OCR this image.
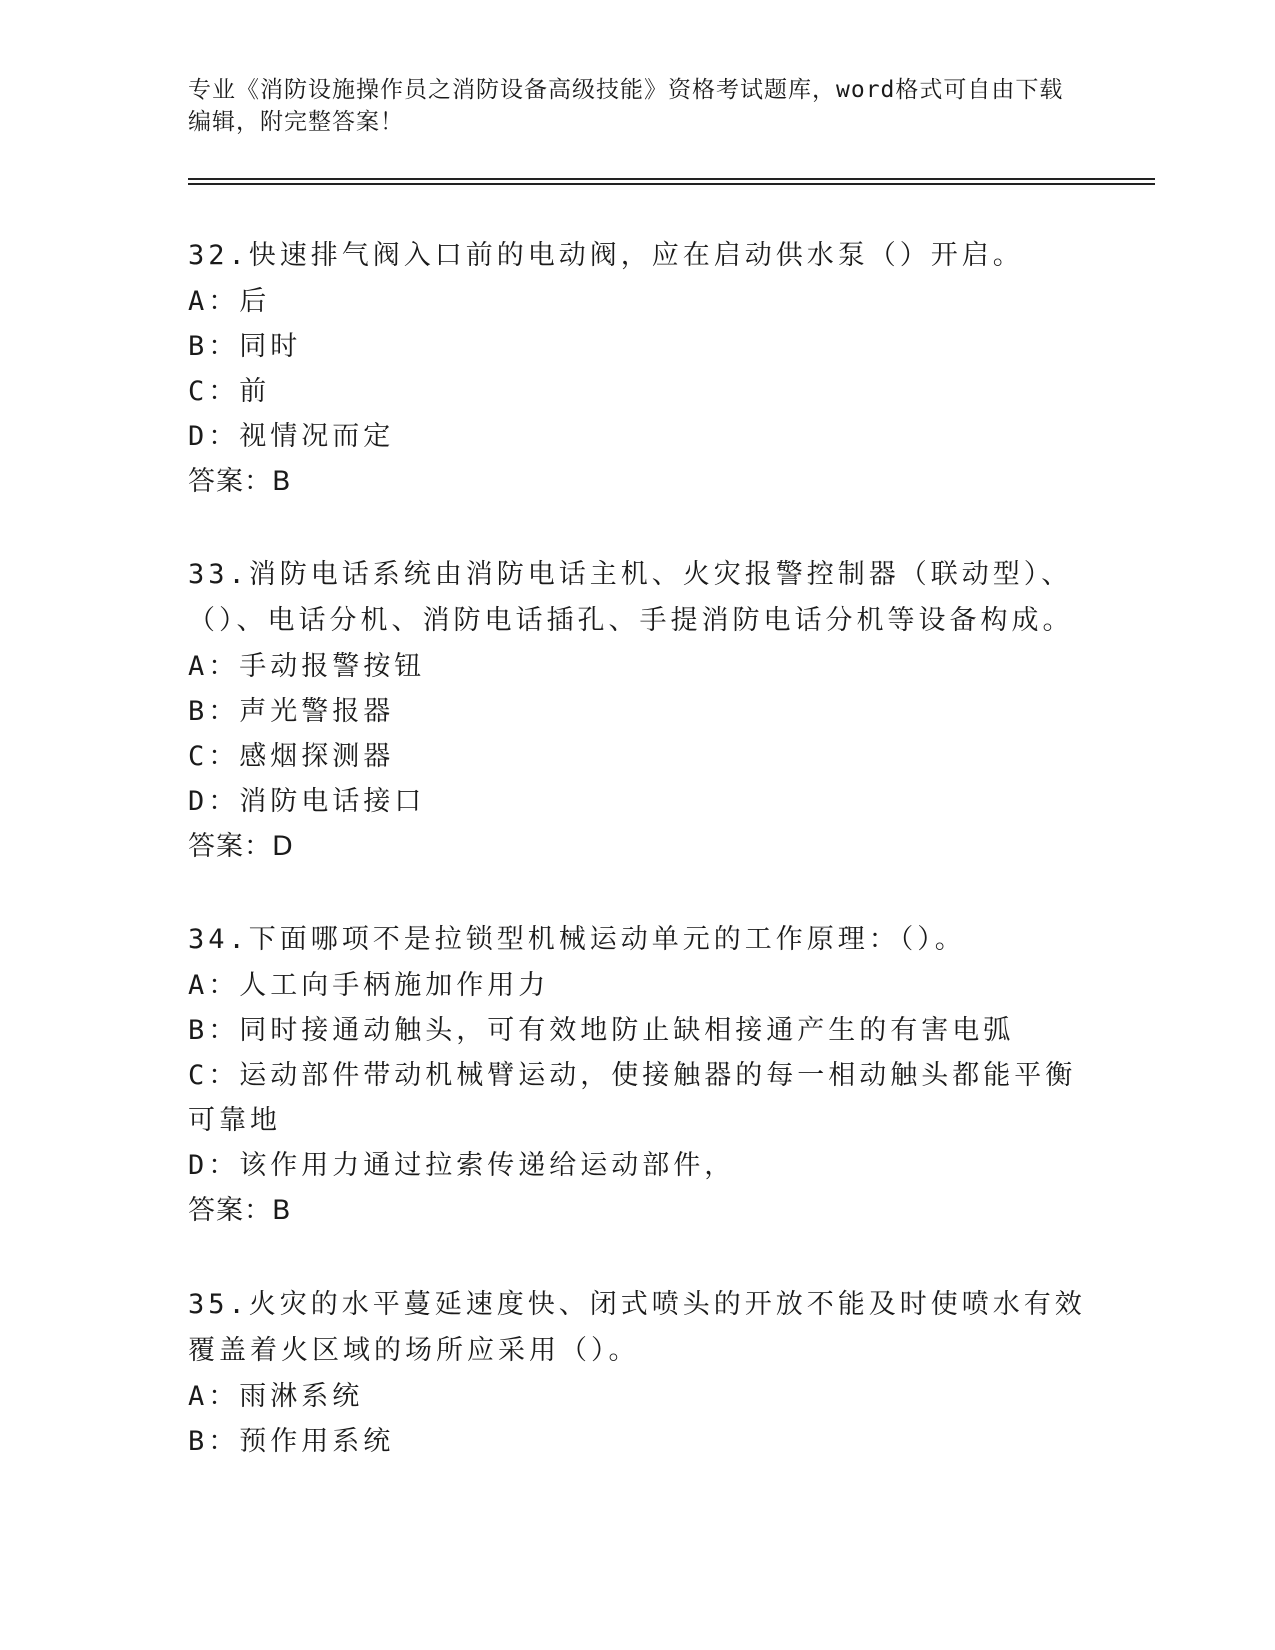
专业《消防设施操作员之消防设备高级技能》资格考试题库，word格式可自由下载编辑，附完整答案！

32.快速排气阀入口前的电动阀，应在启动供水泵（）开启。

A：后

B：同时

C：前

D：视情况而定

答案：B

33.消防电话系统由消防电话主机、火灾报警控制器（联动型）、（）、电话分机、消防电话插孔、手提消防电话分机等设备构成。

A：手动报警按钮

B：声光警报器

C：感烟探测器

D：消防电话接口

答案：D

34.下面哪项不是拉锁型机械运动单元的工作原理：（）。

A：人工向手柄施加作用力

B：同时接通动触头，可有效地防止缺相接通产生的有害电弧

C：运动部件带动机械臂运动，使接触器的每一相动触头都能平衡可靠地

D：该作用力通过拉索传递给运动部件，

答案：B

35.火灾的水平蔓延速度快、闭式喷头的开放不能及时使喷水有效覆盖着火区域的场所应采用（）。

A：雨淋系统

B：预作用系统
